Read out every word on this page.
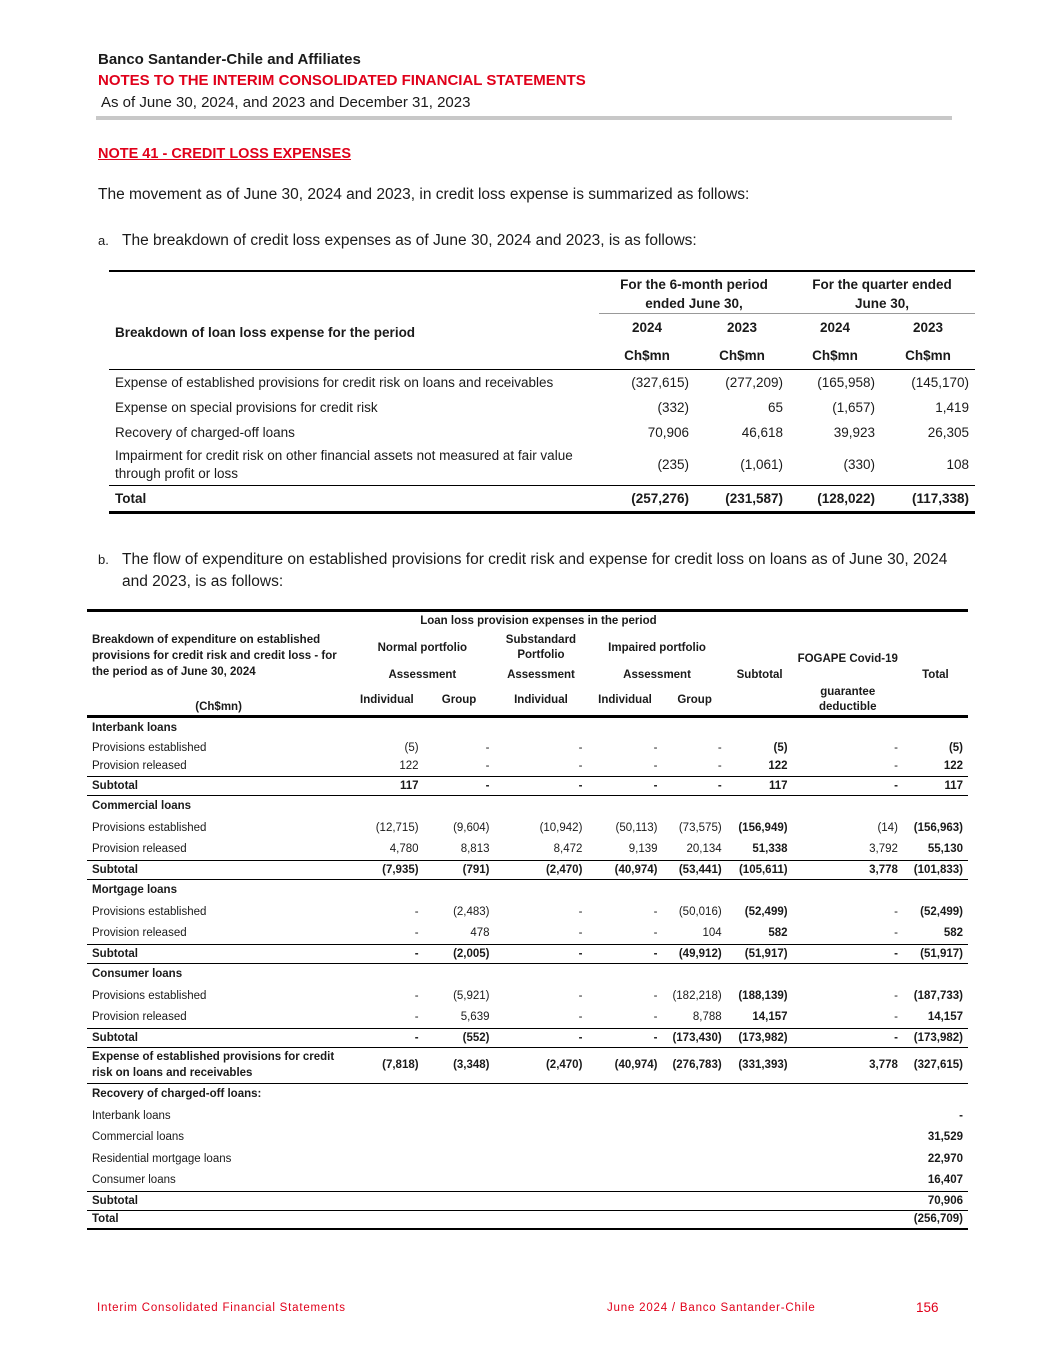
Banco Santander-Chile and Affiliates
NOTES TO THE INTERIM CONSOLIDATED FINANCIAL STATEMENTS
As of June 30, 2024, and 2023 and December 31, 2023
NOTE 41 - CREDIT LOSS EXPENSES
The movement as of June 30, 2024 and 2023, in credit loss expense is summarized as follows:
a. The breakdown of credit loss expenses as of June 30, 2024 and 2023, is as follows:
Breakdown of loan loss expense for the period	For the 6-month period ended June 30,		For the quarter ended June 30,	
	2024	2023	2024	2023
	Ch$mn	Ch$mn	Ch$mn	Ch$mn
Expense of established provisions for credit risk on loans and receivables	(327,615)	(277,209)	(165,958)	(145,170)
Expense on special provisions for credit risk	(332)	65	(1,657)	1,419
Recovery of charged-off loans	70,906	46,618	39,923	26,305
Impairment for credit risk on other financial assets not measured at fair value through profit or loss	(235)	(1,061)	(330)	108
Total	(257,276)	(231,587)	(128,022)	(117,338)
b. The flow of expenditure on established provisions for credit risk and expense for credit loss on loans as of June 30, 2024 and 2023, is as follows:
Breakdown of expenditure on established provisions for credit risk and credit loss - for the period as of June 30, 2024	Loan loss provision expenses in the period							
	Normal portfolio		Substandard Portfolio	Impaired portfolio			FOGAPE Covid-19	
	Assessment		Assessment	Assessment		Subtotal		Total
(Ch$mn)	Individual	Group	Individual	Individual	Group		guarantee deductible	
Interbank loans								
Provisions established	(5)	-	-	-	-	(5)	-	(5)
Provision released	122	-	-	-	-	122	-	122
Subtotal	117	-	-	-	-	117	-	117
Commercial loans								
Provisions established	(12,715)	(9,604)	(10,942)	(50,113)	(73,575)	(156,949)	(14)	(156,963)
Provision released	4,780	8,813	8,472	9,139	20,134	51,338	3,792	55,130
Subtotal	(7,935)	(791)	(2,470)	(40,974)	(53,441)	(105,611)	3,778	(101,833)
Mortgage loans								
Provisions established	-	(2,483)	-	-	(50,016)	(52,499)	-	(52,499)
Provision released	-	478	-	-	104	582	-	582
Subtotal	-	(2,005)	-	-	(49,912)	(51,917)	-	(51,917)
Consumer loans								
Provisions established	-	(5,921)	-	-	(182,218)	(188,139)	-	(187,733)
Provision released	-	5,639	-	-	8,788	14,157	-	14,157
Subtotal	-	(552)	-	-	(173,430)	(173,982)	-	(173,982)
Expense of established provisions for credit risk on loans and receivables	(7,818)	(3,348)	(2,470)	(40,974)	(276,783)	(331,393)	3,778	(327,615)
Recovery of charged-off loans:								
Interbank loans								-
Commercial loans								31,529
Residential mortgage loans								22,970
Consumer loans								16,407
Subtotal								70,906
Total								(256,709)
Interim Consolidated Financial Statements	June 2024 / Banco Santander-Chile	156
